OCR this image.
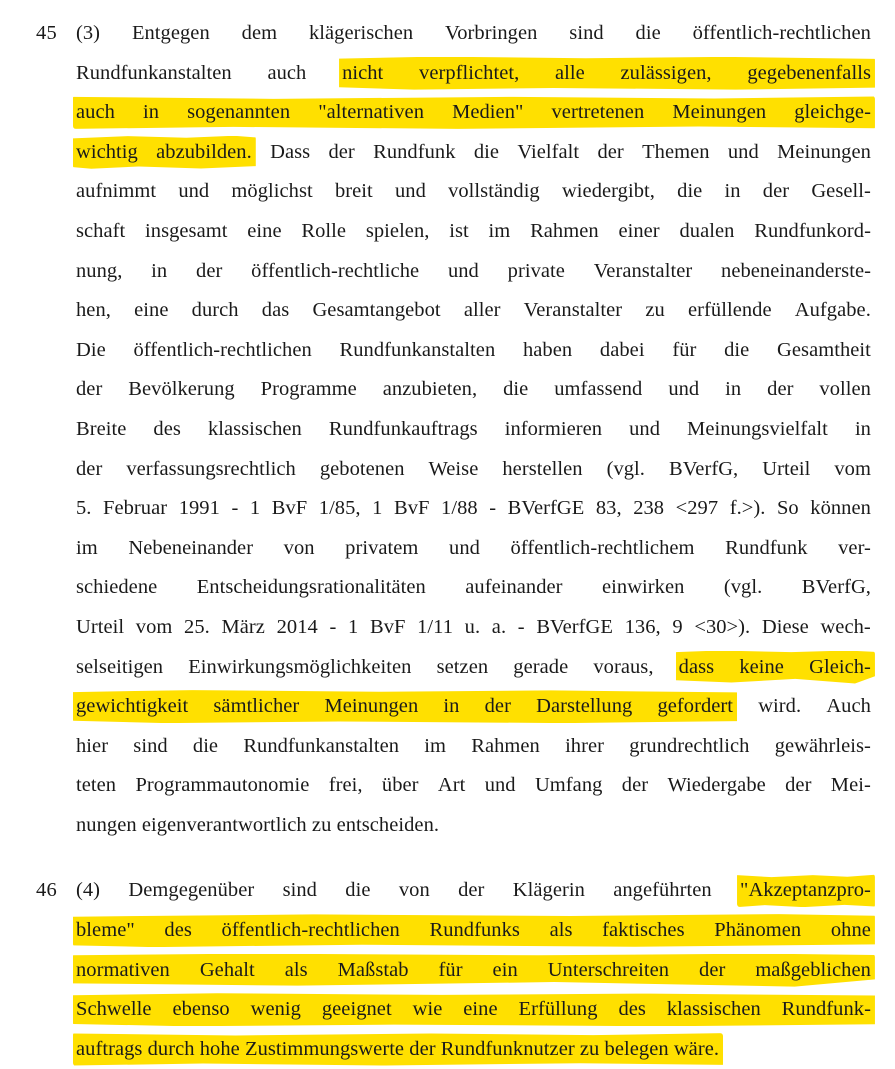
45 (3) Entgegen dem klägerischen Vorbringen sind die öffentlich-rechtlichen
Rundfunkanstalten auch nicht verpflichtet, alle zulässigen, gegebenenfalls
auch in sogenannten "alternativen Medien" vertretenen Meinungen gleichge-
wichtig abzubilden. Dass der Rundfunk die Vielfalt der Themen und Meinungen
aufnimmt und möglichst breit und vollständig wiedergibt, die in der Gesell-
schaft insgesamt eine Rolle spielen, ist im Rahmen einer dualen Rundfunkord-
nung, in der öffentlich-rechtliche und private Veranstalter nebeneinanderste-
hen, eine durch das Gesamtangebot aller Veranstalter zu erfüllende Aufgabe.
Die öffentlich-rechtlichen Rundfunkanstalten haben dabei für die Gesamtheit
der Bevölkerung Programme anzubieten, die umfassend und in der vollen
Breite des klassischen Rundfunkauftrags informieren und Meinungsvielfalt in
der verfassungsrechtlich gebotenen Weise herstellen (vgl. BVerfG, Urteil vom
5. Februar 1991 - 1 BvF 1/85, 1 BvF 1/88 - BVerfGE 83, 238 <297 f.>). So können
im Nebeneinander von privatem und öffentlich-rechtlichem Rundfunk ver-
schiedene Entscheidungsrationalitäten aufeinander einwirken (vgl. BVerfG,
Urteil vom 25. März 2014 - 1 BvF 1/11 u. a. - BVerfGE 136, 9 <30>). Diese wech-
selseitigen Einwirkungsmöglichkeiten setzen gerade voraus, dass keine Gleich-
gewichtigkeit sämtlicher Meinungen in der Darstellung gefordert wird. Auch
hier sind die Rundfunkanstalten im Rahmen ihrer grundrechtlich gewährleis-
teten Programmautonomie frei, über Art und Umfang der Wiedergabe der Mei-
nungen
eigenverantwortlich
zu
entscheiden.
46 (4) Demgegenüber sind die von der Klägerin angeführten "Akzeptanzpro-
bleme" des öffentlich-rechtlichen Rundfunks als faktisches Phänomen ohne
normativen Gehalt als Maßstab für ein Unterschreiten der maßgeblichen
Schwelle ebenso wenig geeignet wie eine Erfüllung des klassischen Rundfunk-
auftrags
durch
hohe
Zustimmungswerte
der
Rundfunknutzer
zu
belegen
wäre.
